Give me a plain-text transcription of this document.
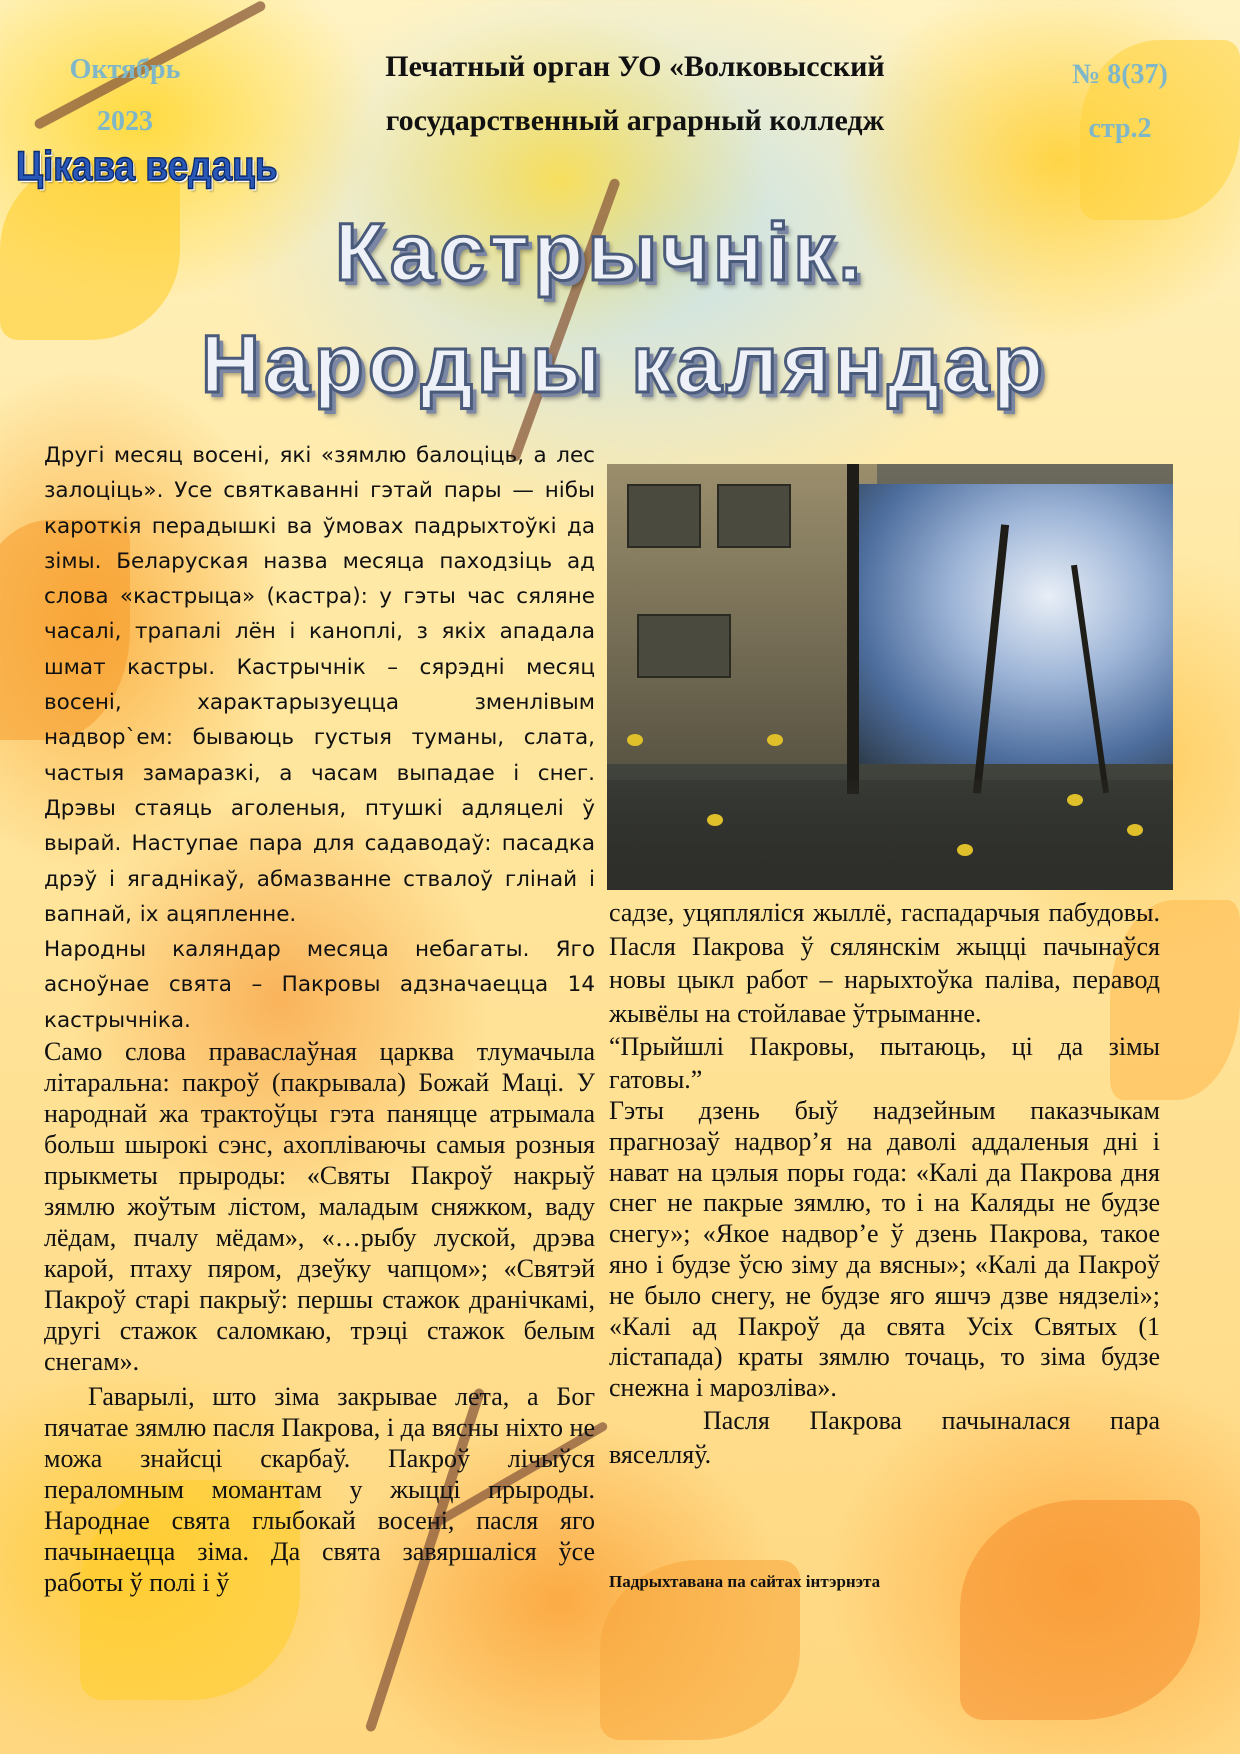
Октябрь
2023
Печатный орган УО «Волковысский
государственный аграрный колледж
№ 8(37)
стр.2
Цікава ведаць
Кастрычнік.
Народны каляндар

Другі месяц восені, які «зямлю балоціць, а лес залоціць». Усе святкаванні гэтай пары — нібы кароткія перадышкі ва ўмовах падрыхтоўкі да зімы. Беларуская назва месяца паходзіць ад слова «кастрыца» (кастра): у гэты час сяляне часалі, трапалі лён і каноплі, з якіх ападала шмат кастры. Кастрычнік – сярэдні месяц восені, характарызуецца зменлівым надвор`ем: бываюць густыя туманы, слата, частыя замаразкі, а часам выпадае і снег. Дрэвы стаяць аголеныя, птушкі адляцелі ў вырай. Наступае пара для садаводаў: пасадка дрэў і ягаднікаў, абмазванне ствалоў глінай і вапнай, іх ацяпленне.

Народны каляндар месяца небагаты. Яго асноўнае свята – Пакровы адзначаецца 14 кастрычніка.

Само слова праваслаўная царква тлумачыла літаральна: пакроў (пакрывала) Божай Маці. У народнай жа трактоўцы гэта паняцце атрымала больш шырокі сэнс, ахопліваючы самыя розныя прыкметы прыроды: «Святы Пакроў накрыў зямлю жоўтым лістом, маладым сняжком, ваду лёдам, пчалу мёдам», «…рыбу луской, дрэва карой, птаху пяром, дзеўку чапцом»; «Святэй Пакроў старі пакрыў: першы стажок дранічкамі, другі стажок саломкаю, трэці стажок белым снегам».

Гаварылі, што зіма закрывае лета, а Бог пячатае зямлю пасля Пакрова, і да вясны ніхто не можа знайсці скарбаў. Пакроў лічыўся пераломным момантам у жыцці прыроды. Народнае свята глыбокай восені, пасля яго пачынаецца зіма. Да свята завяршаліся ўсе работы ў полі і ў

садзе, уцяпляліся жыллё, гаспадарчыя пабудовы. Пасля Пакрова ў сялянскім жыцці пачынаўся новы цыкл работ – нарыхтоўка паліва, перавод жывёлы на стойлавае ўтрыманне.

“Прыйшлі Пакровы, пытаюць, ці да зімы гатовы.”

Гэты дзень быў надзейным паказчыкам прагнозаў надвор’я на даволі аддаленыя дні і нават на цэлыя поры года: «Калі да Пакрова дня снег не пакрые зямлю, то і на Каляды не будзе снегу»; «Якое надвор’е ў дзень Пакрова, такое яно і будзе ўсю зіму да вясны»; «Калі да Пакроў не было снегу, не будзе яго яшчэ дзве нядзелі»; «Калі ад Пакроў да свята Усіх Святых (1 лістапада) краты зямлю точаць, то зіма будзе снежна і марозліва».

Пасля Пакрова пачыналася пара вяселляў.

Падрыхтавана па сайтах інтэрнэта
